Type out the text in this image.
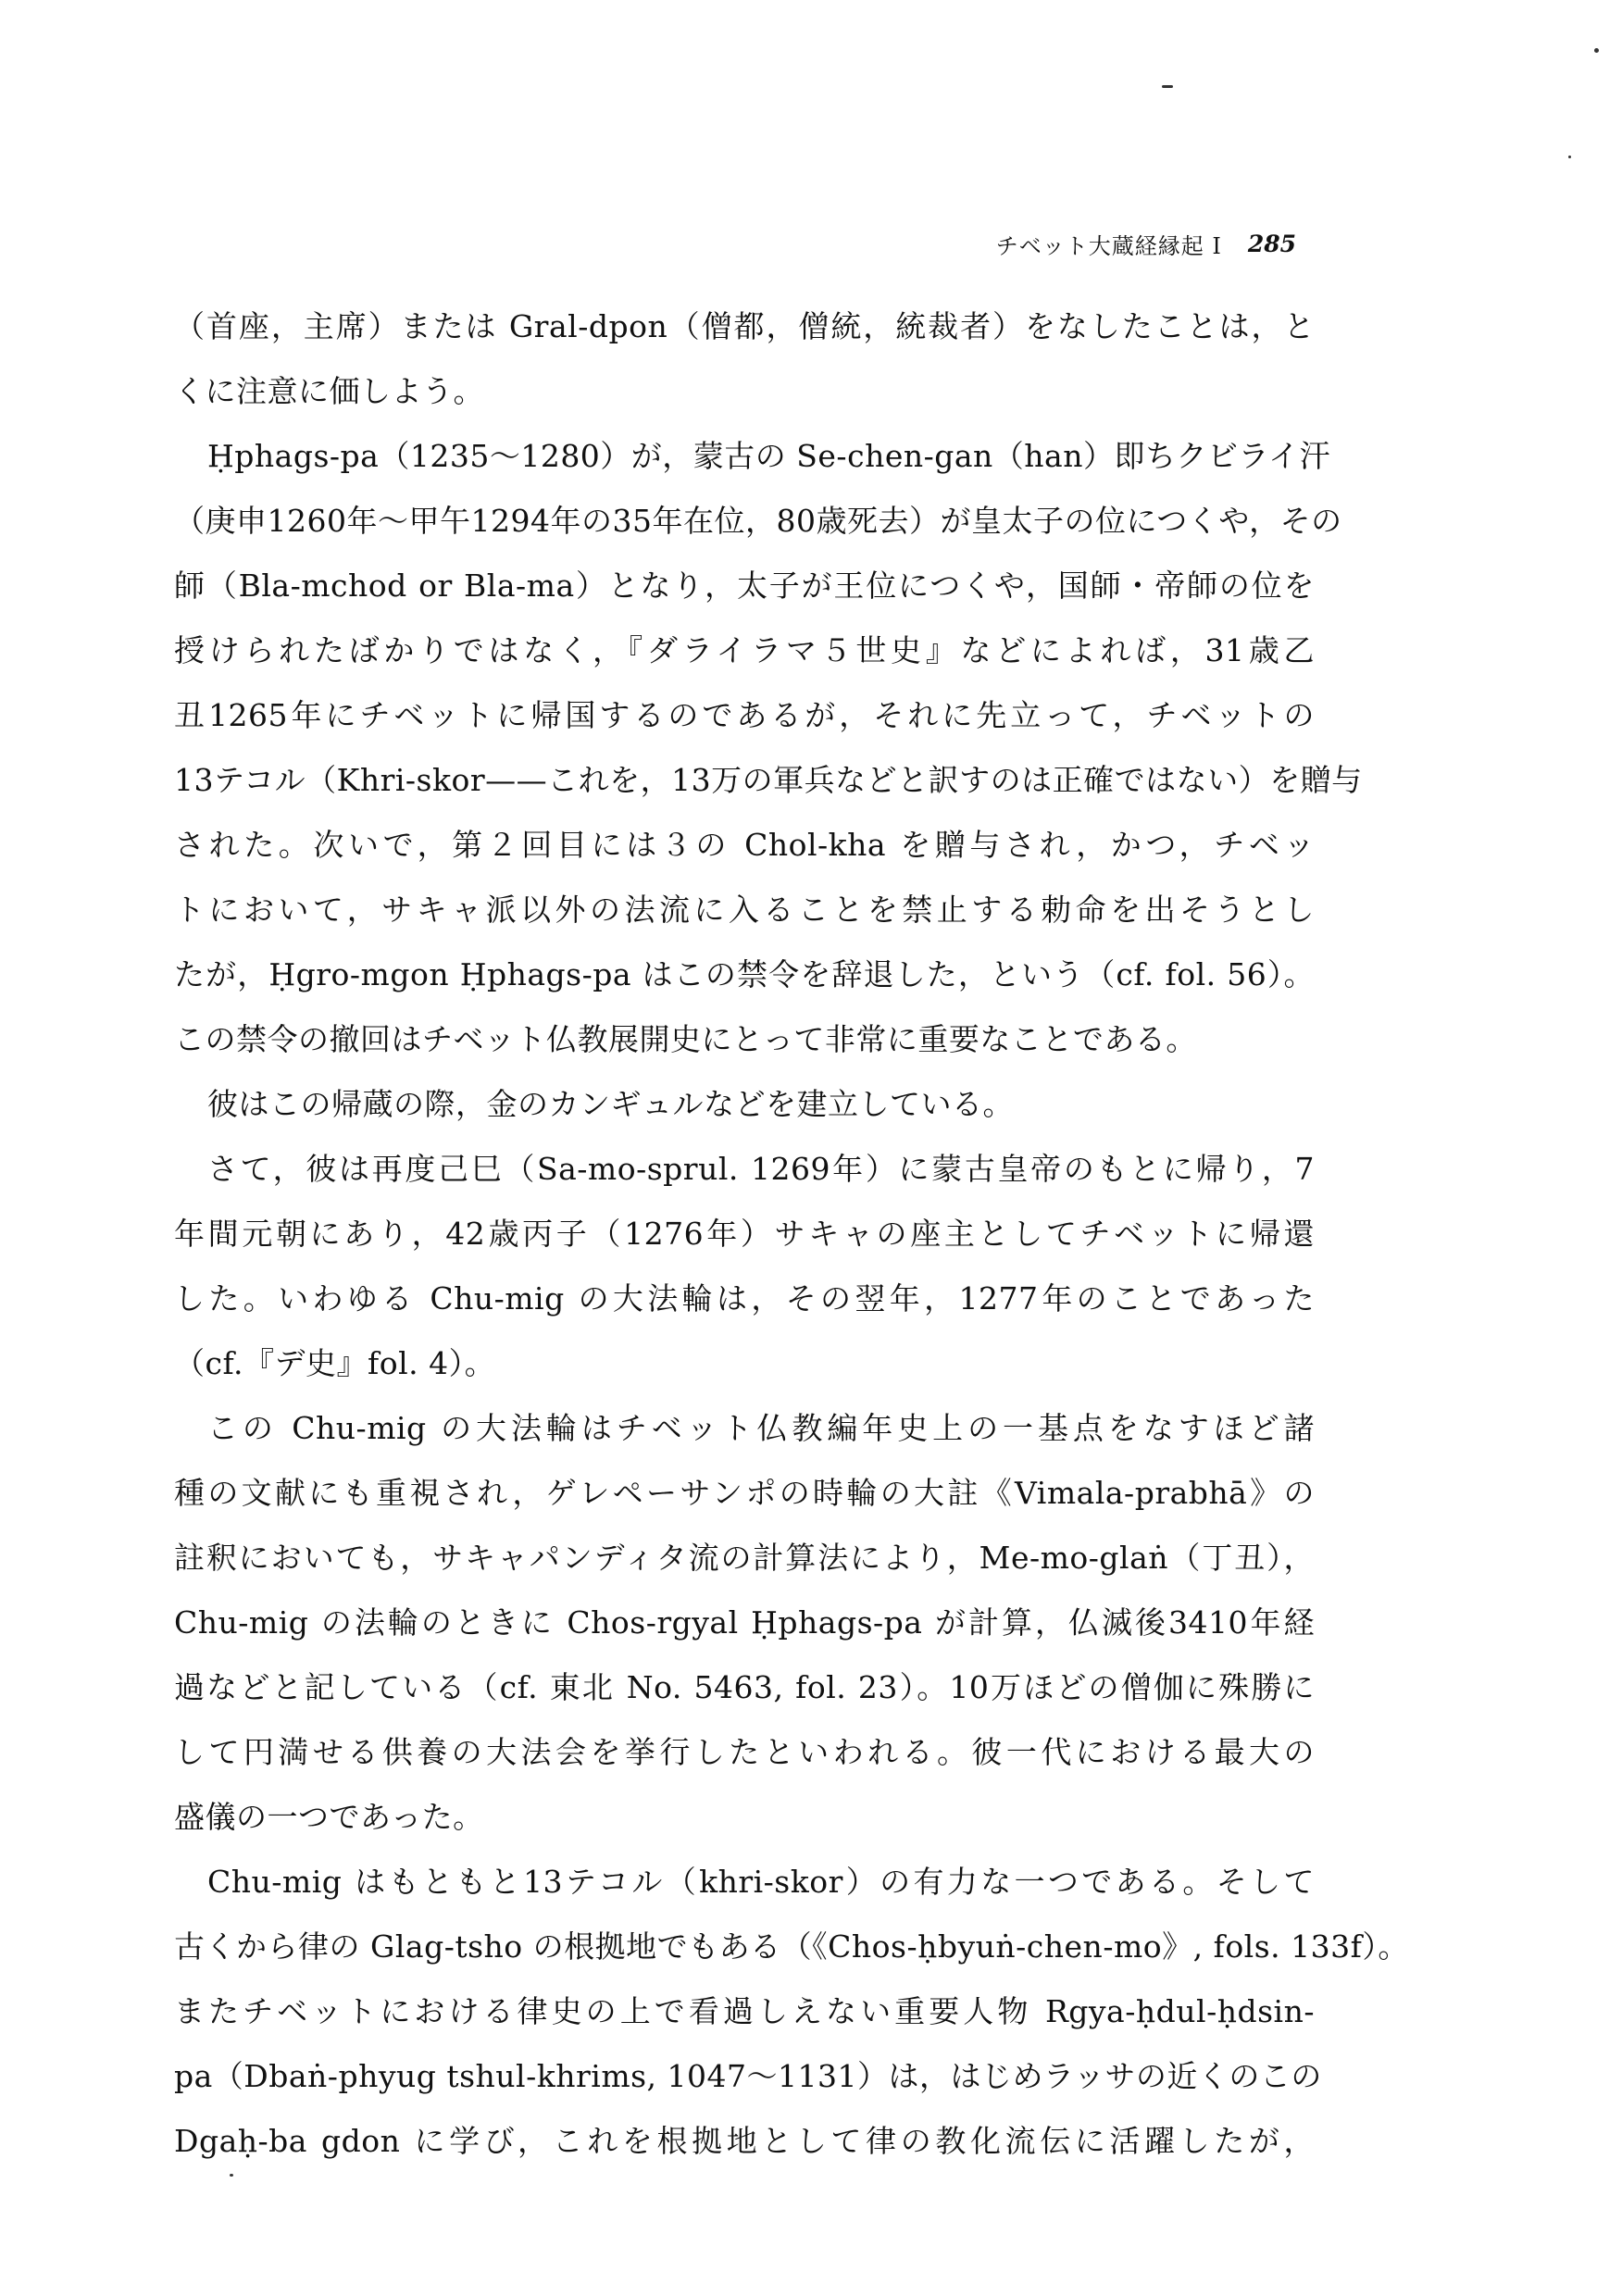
チベット大蔵経縁起 I 285
（首座，主席）または Gral-dpon（僧都，僧統，統裁者）をなしたことは，と
くに注意に価しよう。
Ḥphags-pa（1235～1280）が，蒙古の Se-chen-gan（han）即ちクビライ汗
（庚申1260年～甲午1294年の35年在位，80歳死去）が皇太子の位につくや，その
師（Bla-mchod or Bla-ma）となり，太子が王位につくや，国師・帝師の位を
授けられたばかりではなく，『ダライラマ５世史』などによれば，31歳乙
丑1265年にチベットに帰国するのであるが，それに先立って，チベットの
13テコル（Khri-skor——これを，13万の軍兵などと訳すのは正確ではない）を贈与
された。次いで，第２回目には３の Chol-kha を贈与され，かつ，チベッ
トにおいて，サキャ派以外の法流に入ることを禁止する勅命を出そうとし
たが，Ḥgro-mgon Ḥphags-pa はこの禁令を辞退した，という（cf. fol. 56）。
この禁令の撤回はチベット仏教展開史にとって非常に重要なことである。
彼はこの帰蔵の際，金のカンギュルなどを建立している。
さて，彼は再度己巳（Sa-mo-sprul. 1269年）に蒙古皇帝のもとに帰り，7
年間元朝にあり，42歳丙子（1276年）サキャの座主としてチベットに帰還
した。いわゆる Chu-mig の大法輪は，その翌年，1277年のことであった
（cf.『デ史』fol. 4）。
この Chu-mig の大法輪はチベット仏教編年史上の一基点をなすほど諸
種の文献にも重視され，ゲレペーサンポの時輪の大註《Vimala-prabhā》の
註釈においても，サキャパンディタ流の計算法により，Me-mo-glaṅ（丁丑），
Chu-mig の法輪のときに Chos-rgyal Ḥphags-pa が計算，仏滅後3410年経
過などと記している（cf. 東北 No. 5463, fol. 23）。10万ほどの僧伽に殊勝に
して円満せる供養の大法会を挙行したといわれる。彼一代における最大の
盛儀の一つであった。
Chu-mig はもともと13テコル（khri-skor）の有力な一つである。そして
古くから律の Glag-tsho の根拠地でもある（《Chos-ḥbyuṅ-chen-mo》, fols. 133f）。
またチベットにおける律史の上で看過しえない重要人物 Rgya-ḥdul-ḥdsin-
pa（Dbaṅ-phyug tshul-khrims, 1047～1131）は，はじめラッサの近くのこの
Dgaḥ-ba gdon に学び，これを根拠地として律の教化流伝に活躍したが，
